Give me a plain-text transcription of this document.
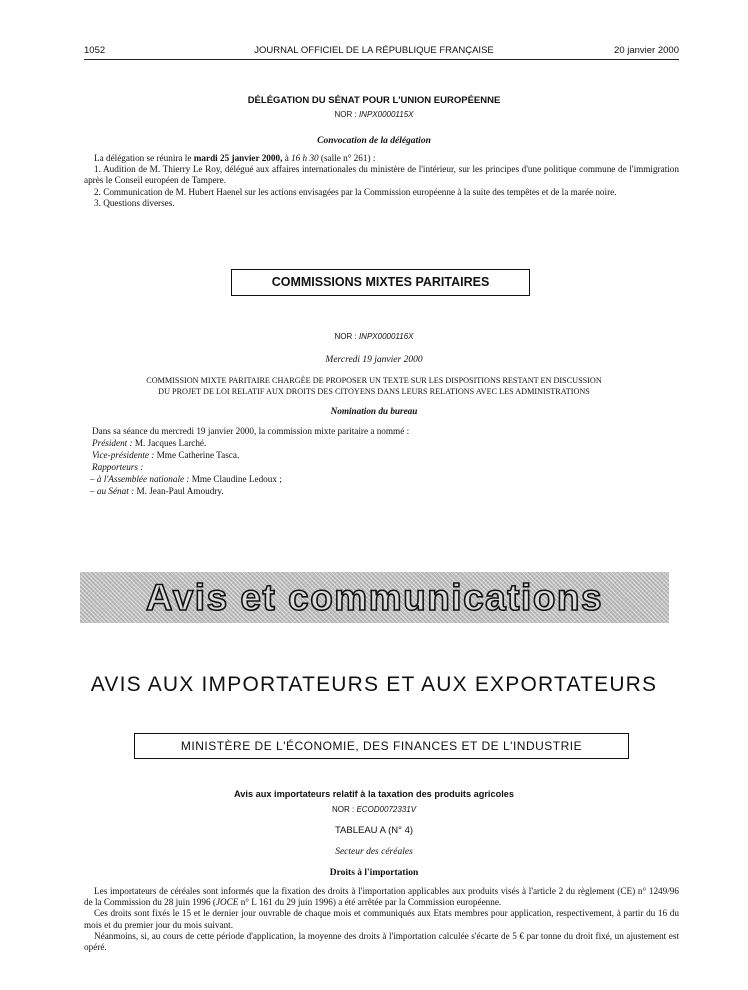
1052	JOURNAL OFFICIEL DE LA RÉPUBLIQUE FRANÇAISE	20 janvier 2000
DÉLÉGATION DU SÉNAT POUR L'UNION EUROPÉENNE
NOR : INPX0000115X
Convocation de la délégation

La délégation se réunira le mardi 25 janvier 2000, à 16 h 30 (salle n° 261) :

1. Audition de M. Thierry Le Roy, délégué aux affaires internationales du ministère de l'intérieur, sur les principes d'une politique commune de l'immigration après le Conseil européen de Tampere.

2. Communication de M. Hubert Haenel sur les actions envisagées par la Commission européenne à la suite des tempêtes et de la marée noire.

3. Questions diverses.

COMMISSIONS MIXTES PARITAIRES
NOR : INPX0000116X
Mercredi 19 janvier 2000
COMMISSION MIXTE PARITAIRE CHARGÉE DE PROPOSER UN TEXTE SUR LES DISPOSITIONS RESTANT EN DISCUSSION
DU PROJET DE LOI RELATIF AUX DROITS DES CITOYENS DANS LEURS RELATIONS AVEC LES ADMINISTRATIONS
Nomination du bureau
Dans sa séance du mercredi 19 janvier 2000, la commission mixte paritaire a nommé :
Président : M. Jacques Larché.
Vice-présidente : Mme Catherine Tasca.
Rapporteurs :
– à l'Assemblée nationale : Mme Claudine Ledoux ;
– au Sénat : M. Jean-Paul Amoudry.
Avis et communications
AVIS AUX IMPORTATEURS ET AUX EXPORTATEURS
MINISTÈRE DE L'ÉCONOMIE, DES FINANCES ET DE L'INDUSTRIE
Avis aux importateurs relatif à la taxation des produits agricoles
NOR : ECOD0072331V
TABLEAU A (N° 4)
Secteur des céréales
Droits à l'importation

Les importateurs de céréales sont informés que la fixation des droits à l'importation applicables aux produits visés à l'article 2 du règlement (CE) n° 1249/96 de la Commission du 28 juin 1996 (JOCE n° L 161 du 29 juin 1996) a été arrêtée par la Commission européenne.

Ces droits sont fixés le 15 et le dernier jour ouvrable de chaque mois et communiqués aux Etats membres pour application, respectivement, à partir du 16 du mois et du premier jour du mois suivant.

Néanmoins, si, au cours de cette période d'application, la moyenne des droits à l'importation calculée s'écarte de 5 € par tonne du droit fixé, un ajustement est opéré.
